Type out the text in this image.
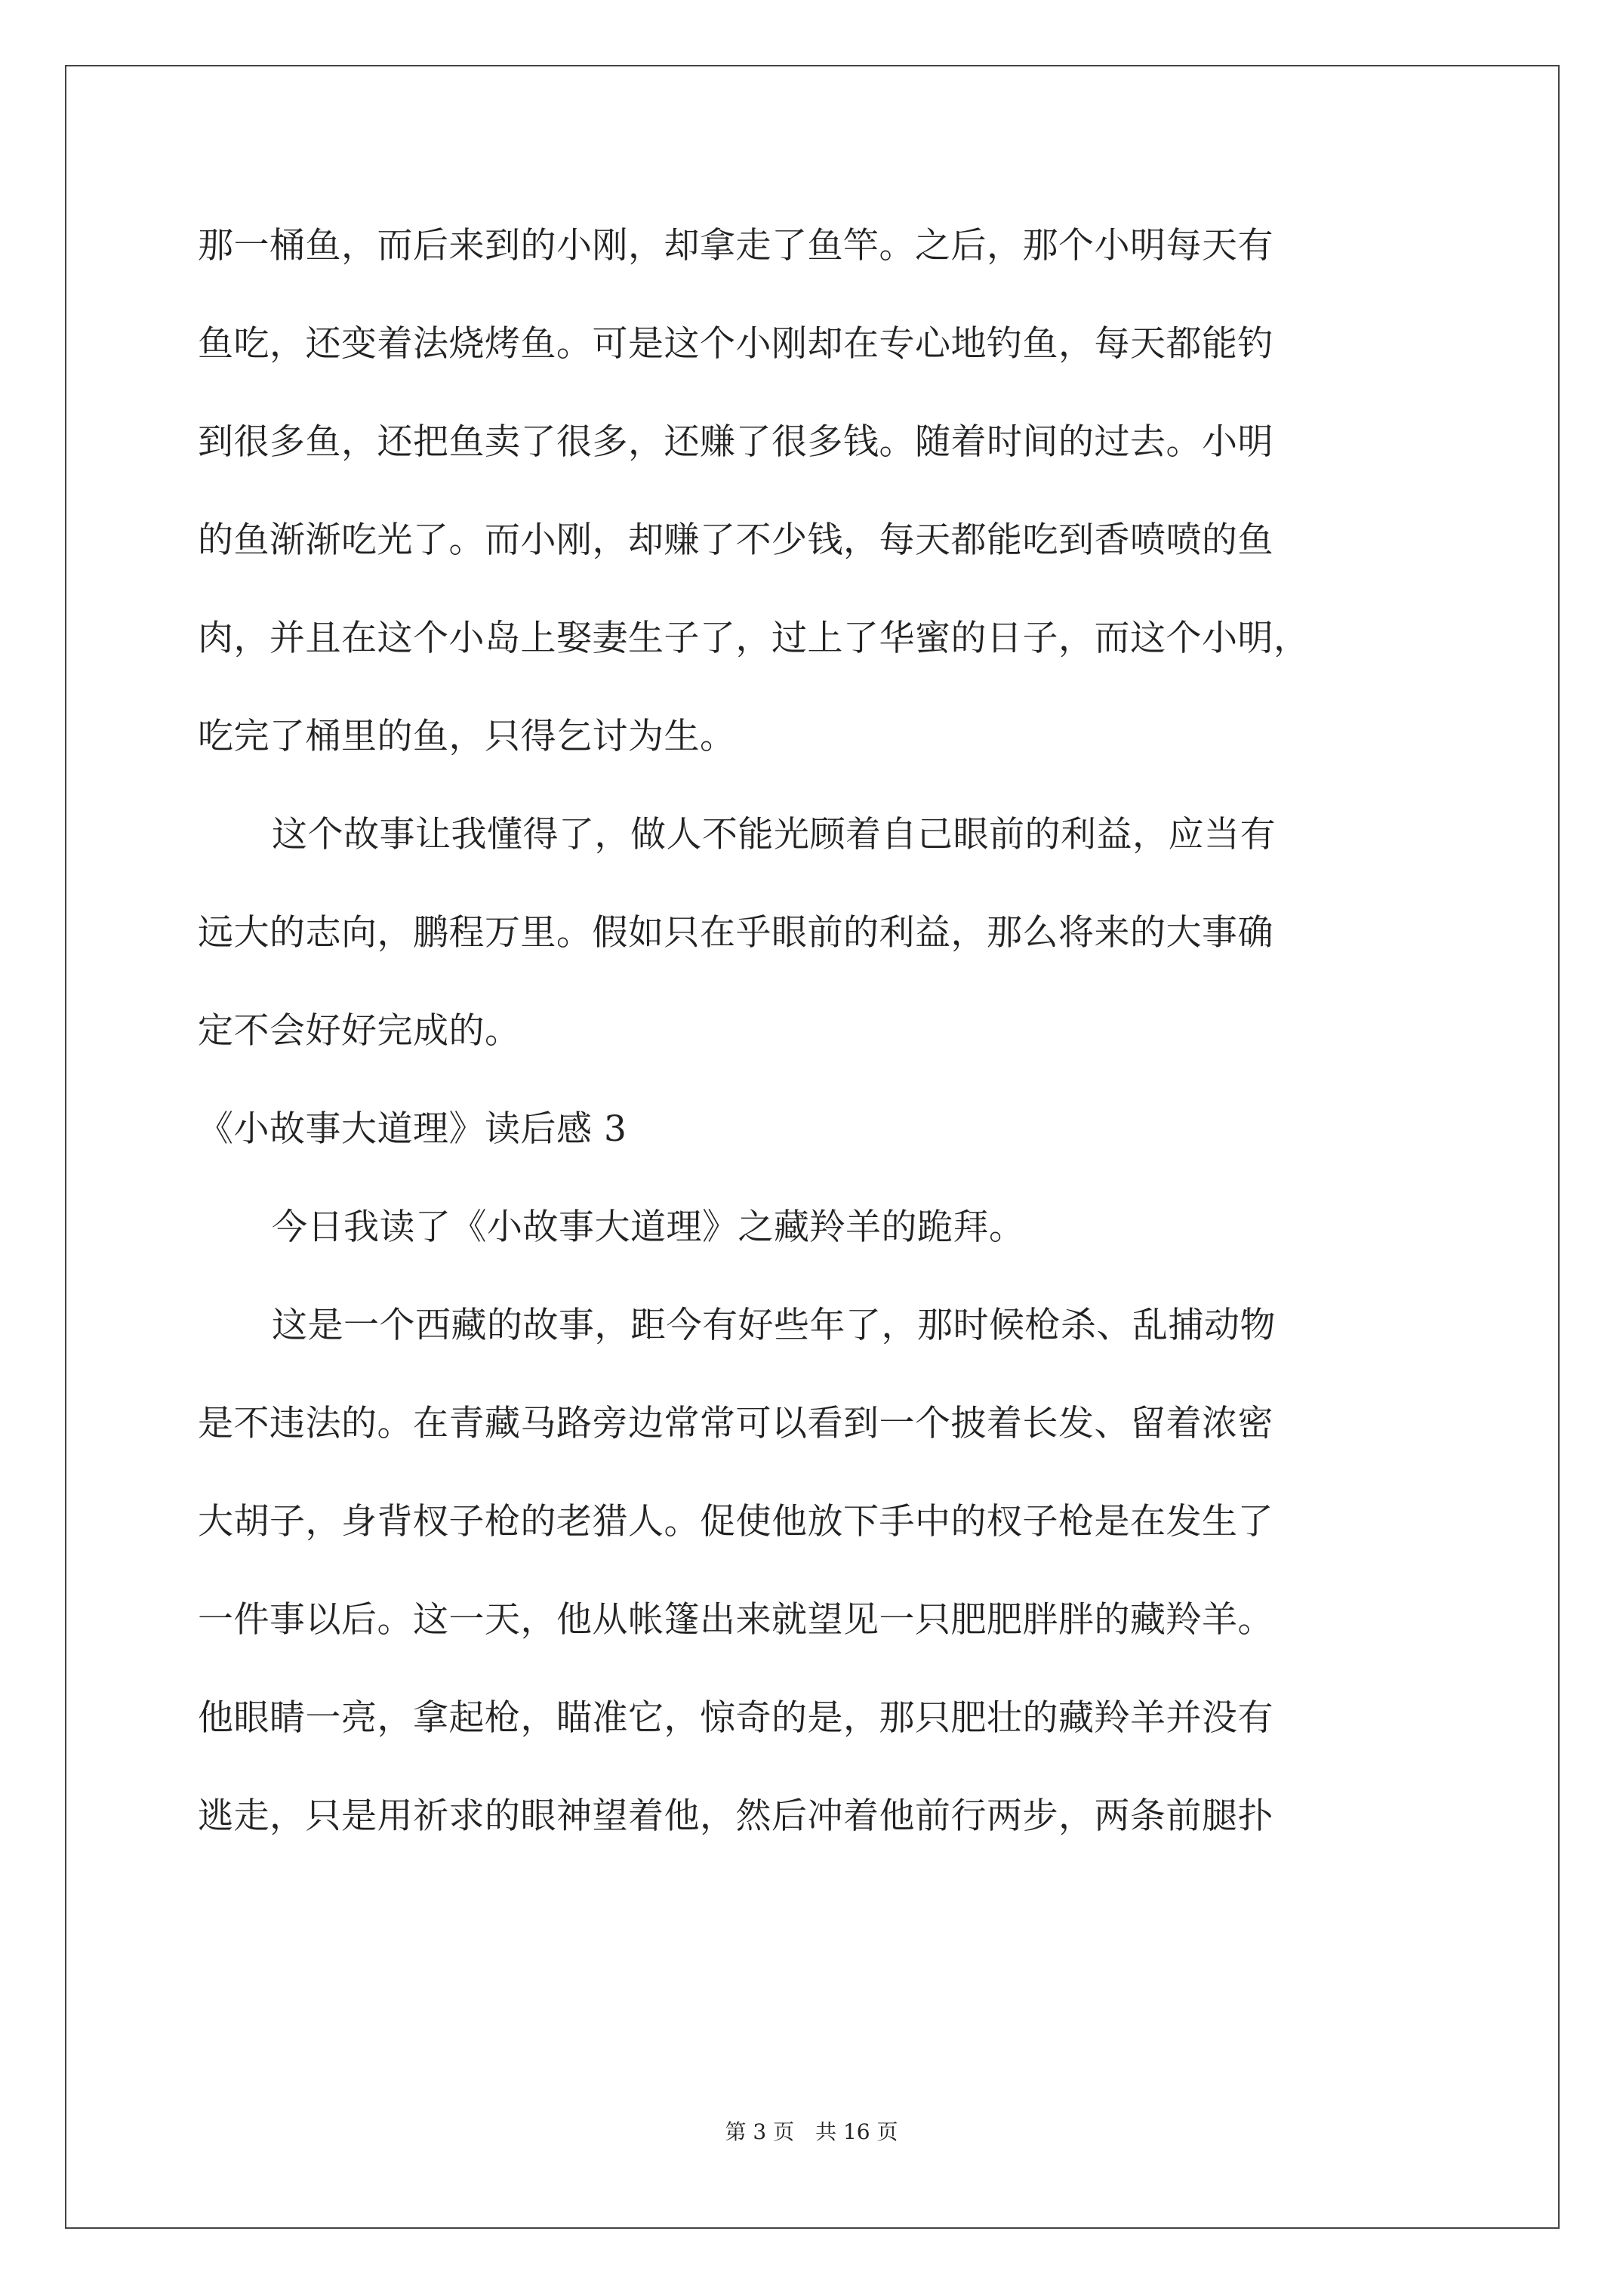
那一桶鱼，而后来到的小刚，却拿走了鱼竿。之后，那个小明每天有
鱼吃，还变着法烧烤鱼。可是这个小刚却在专心地钓鱼，每天都能钓
到很多鱼，还把鱼卖了很多，还赚了很多钱。随着时间的过去。小明
的鱼渐渐吃光了。而小刚，却赚了不少钱，每天都能吃到香喷喷的鱼
肉，并且在这个小岛上娶妻生子了，过上了华蜜的日子，而这个小明，
吃完了桶里的鱼，只得乞讨为生。
这个故事让我懂得了，做人不能光顾着自己眼前的利益，应当有
远大的志向，鹏程万里。假如只在乎眼前的利益，那么将来的大事确
定不会好好完成的。
《小故事大道理》读后感 3
今日我读了《小故事大道理》之藏羚羊的跪拜。
这是一个西藏的故事，距今有好些年了，那时候枪杀、乱捕动物
是不违法的。在青藏马路旁边常常可以看到一个披着长发、留着浓密
大胡子，身背杈子枪的老猎人。促使他放下手中的杈子枪是在发生了
一件事以后。这一天，他从帐篷出来就望见一只肥肥胖胖的藏羚羊。
他眼睛一亮，拿起枪，瞄准它，惊奇的是，那只肥壮的藏羚羊并没有
逃走，只是用祈求的眼神望着他，然后冲着他前行两步，两条前腿扑
第 3 页　共 16 页
